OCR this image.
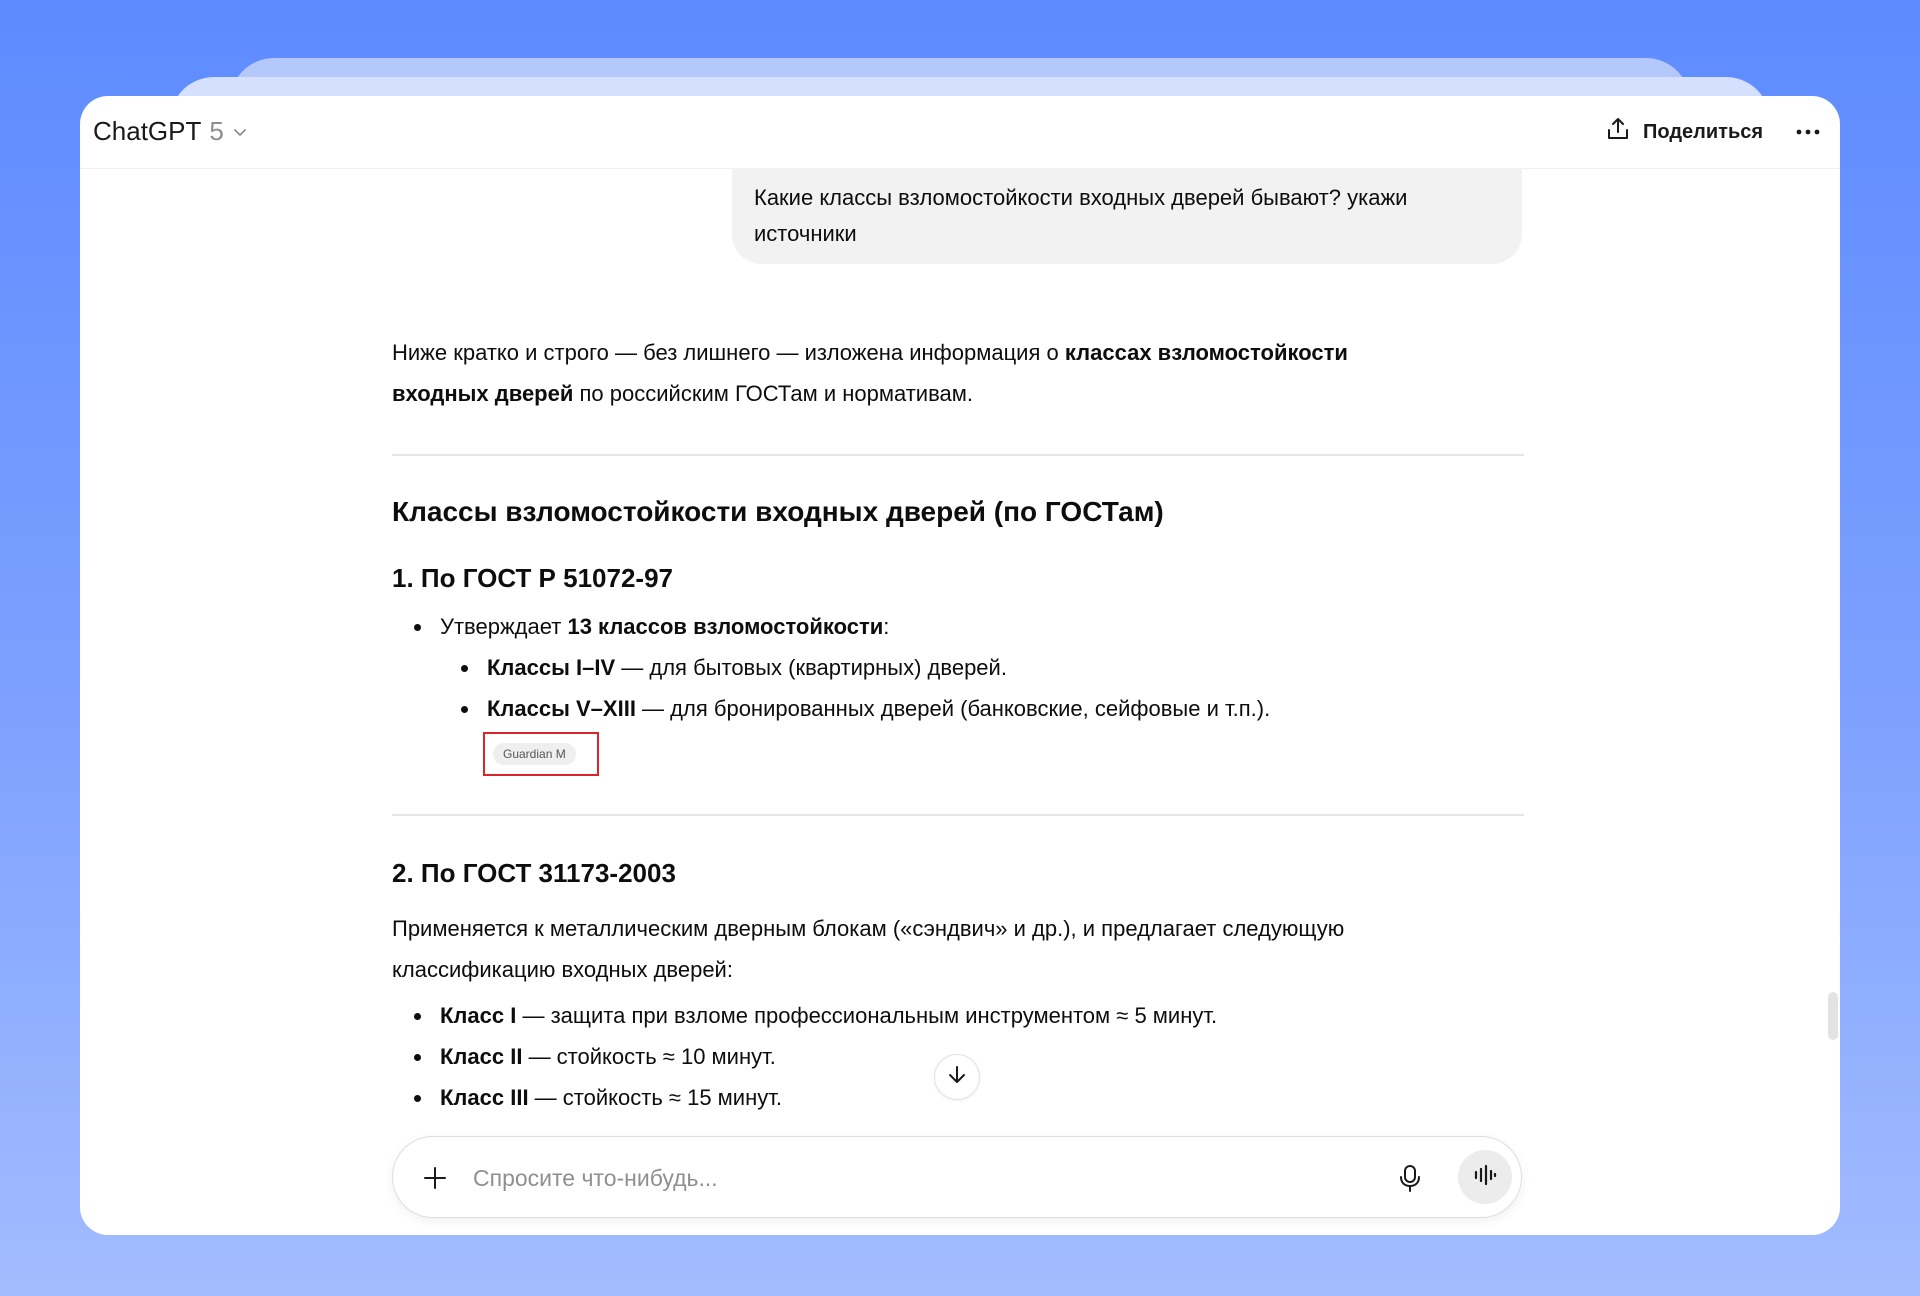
ChatGPT 5	Поделиться
Какие классы взломостойкости входных дверей бывают? укажи
источники
Ниже кратко и строго — без лишнего — изложена информация о классах взломостойкости
входных дверей по российским ГОСТам и нормативам.
Классы взломостойкости входных дверей (по ГОСТам)
1. По ГОСТ Р 51072-97
Утверждает 13 классов взломостойкости:
Классы I–IV — для бытовых (квартирных) дверей.
Классы V–XIII — для бронированных дверей (банковские, сейфовые и т.п.).
2. По ГОСТ 31173-2003
Применяется к металлическим дверным блокам («сэндвич» и др.), и предлагает следующую
классификацию входных дверей:
Класс I — защита при взломе профессиональным инструментом ≈ 5 минут.
Класс II — стойкость ≈ 10 минут.
Класс III — стойкость ≈ 15 минут.
Guardian M
Спросите что-нибудь...
